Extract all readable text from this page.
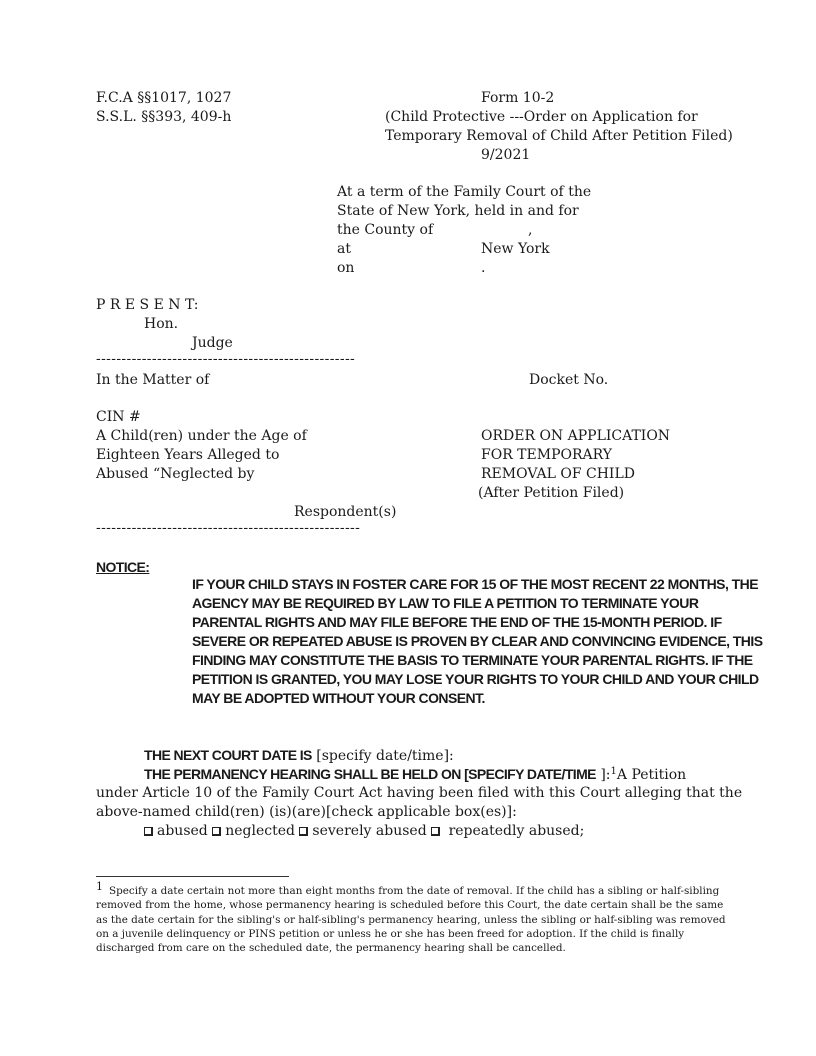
F.C.A §§1017, 1027

S.S.L. §§393, 409-h

Form 10-2

(Child Protective ---Order on Application for

Temporary Removal of Child After Petition Filed)

9/2021

At a term of the Family Court of the

State of New York, held in and for

the County of	,

at	New York

on	.

P R E S E N T:

Hon.

Judge

---------------------------------------------------

In the Matter of	Docket No.

CIN #

A Child(ren) under the Age of

Eighteen Years Alleged to

Abused “Neglected by

ORDER ON APPLICATION

FOR TEMPORARY

REMOVAL OF CHILD

(After Petition Filed)

Respondent(s)

----------------------------------------------------

NOTICE:

IF YOUR CHILD STAYS IN FOSTER CARE FOR 15 OF THE MOST RECENT 22 MONTHS, THE AGENCY MAY BE REQUIRED BY LAW TO FILE A PETITION TO TERMINATE YOUR PARENTAL RIGHTS AND MAY FILE BEFORE THE END OF THE 15-MONTH PERIOD. IF SEVERE OR REPEATED ABUSE IS PROVEN BY CLEAR AND CONVINCING EVIDENCE, THIS FINDING MAY CONSTITUTE THE BASIS TO TERMINATE YOUR PARENTAL RIGHTS. IF THE PETITION IS GRANTED, YOU MAY LOSE YOUR RIGHTS TO YOUR CHILD AND YOUR CHILD MAY BE ADOPTED WITHOUT YOUR CONSENT.

THE NEXT COURT DATE IS [specify date/time]:

THE PERMANENCY HEARING SHALL BE HELD ON [SPECIFY DATE/TIME ]:$^1$A Petition

under Article 10 of the Family Court Act having been filed with this Court alleging that the

above-named child(ren) (is)(are)[check applicable box(es)]:

abused neglected severely abused  repeatedly abused;

$^1$ Specify a date certain not more than eight months from the date of removal. If the child has a sibling or half-sibling removed from the home, whose permanency hearing is scheduled before this Court, the date certain shall be the same as the date certain for the sibling's or half-sibling's permanency hearing, unless the sibling or half-sibling was removed on a juvenile delinquency or PINS petition or unless he or she has been freed for adoption. If the child is finally discharged from care on the scheduled date, the permanency hearing shall be cancelled.
